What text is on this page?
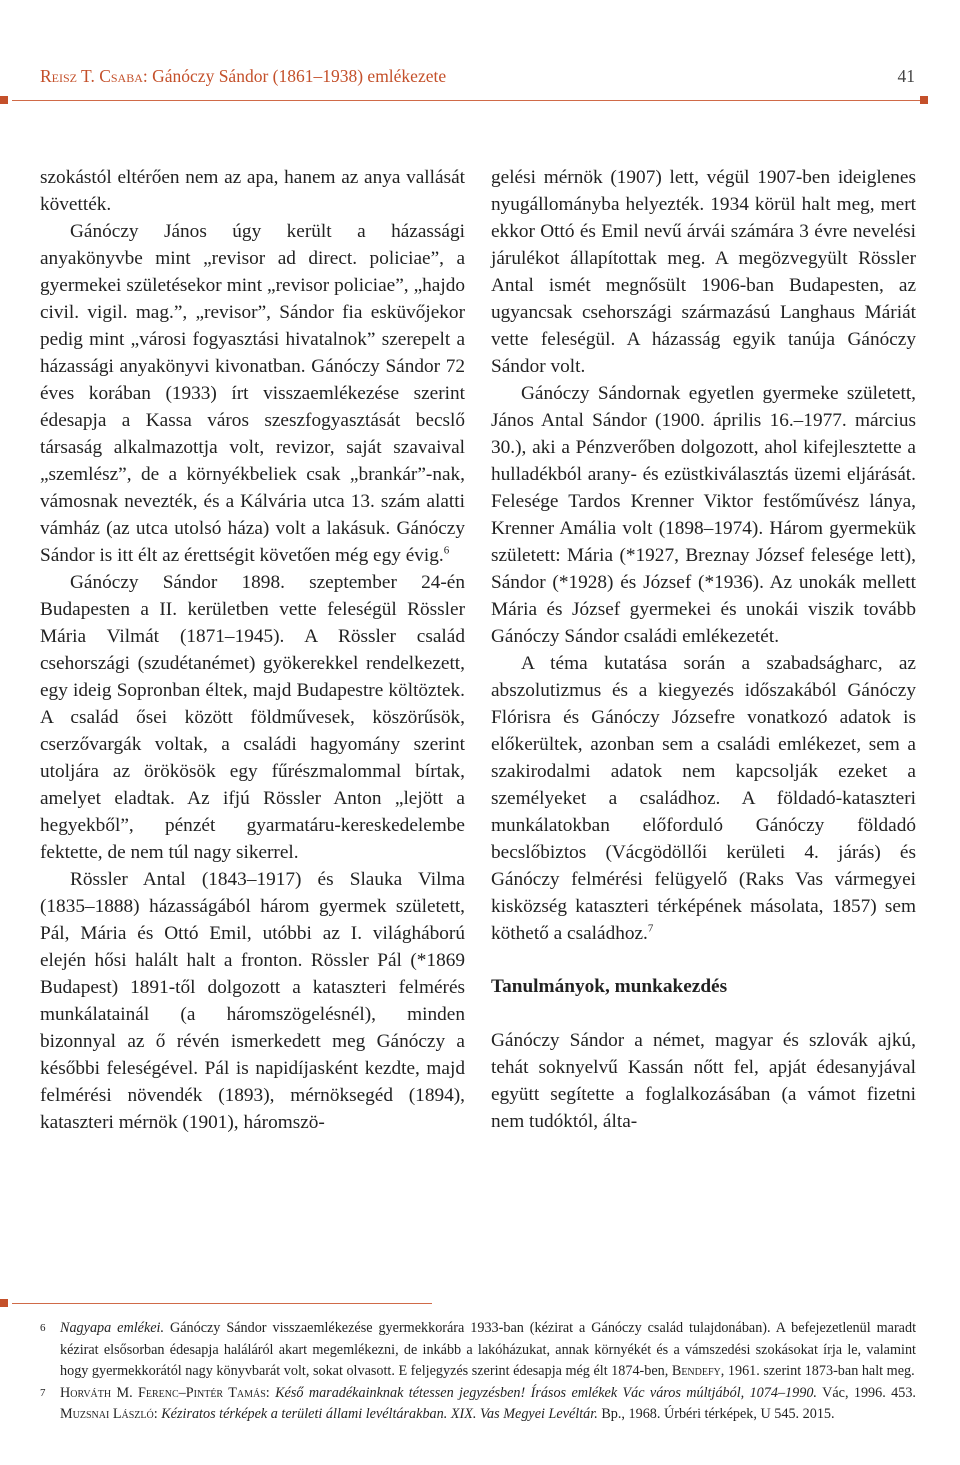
Reisz T. Csaba: Gánóczy Sándor (1861–1938) emlékezete	41

szokástól eltérően nem az apa, hanem az anya vallását követték.

Gánóczy János úgy került a házassági anyakönyvbe mint „revisor ad direct. policiae”, a gyermekei születésekor mint „revisor policiae”, „hajdo civil. vigil. mag.”, „revisor”, Sándor fia esküvőjekor pedig mint „városi fogyasztási hivatalnok” szerepelt a házassági anyakönyvi kivonatban. Gánóczy Sándor 72 éves korában (1933) írt visszaemlékezése szerint édesapja a Kassa város szeszfogyasztását becslő társaság alkalmazottja volt, revizor, saját szavaival „szemlész”, de a környékbeliek csak „brankár”-nak, vámosnak nevezték, és a Kálvária utca 13. szám alatti vámház (az utca utolsó háza) volt a lakásuk. Gánóczy Sándor is itt élt az érettségit követően még egy évig.$^6$

Gánóczy Sándor 1898. szeptember 24-én Budapesten a II. kerületben vette feleségül Rössler Mária Vilmát (1871–1945). A Rössler család csehországi (szudétanémet) gyökerekkel rendelkezett, egy ideig Sopronban éltek, majd Budapestre költöztek. A család ősei között földművesek, köszörűsök, cserzővargák voltak, a családi hagyomány szerint utoljára az örökösök egy fűrészmalommal bírtak, amelyet eladtak. Az ifjú Rössler Anton „lejött a hegyekből”, pénzét gyarmatáru-kereskedelembe fektette, de nem túl nagy sikerrel.

Rössler Antal (1843–1917) és Slauka Vilma (1835–1888) házasságából három gyermek született, Pál, Mária és Ottó Emil, utóbbi az I. világháború elején hősi halált halt a fronton. Rössler Pál (*1869 Budapest) 1891-től dolgozott a kataszteri felmérés munkálatainál (a háromszögelésnél), minden bizonnyal az ő révén ismerkedett meg Gánóczy a későbbi feleségével. Pál is napidíjasként kezdte, majd felmérési növendék (1893), mérnöksegéd (1894), kataszteri mérnök (1901), háromszö-

gelési mérnök (1907) lett, végül 1907-ben ideiglenes nyugállományba helyezték. 1934 körül halt meg, mert ekkor Ottó és Emil nevű árvái számára 3 évre nevelési járulékot állapítottak meg. A megözvegyült Rössler Antal ismét megnősült 1906-ban Budapesten, az ugyancsak csehországi származású Langhaus Máriát vette feleségül. A házasság egyik tanúja Gánóczy Sándor volt.

Gánóczy Sándornak egyetlen gyermeke született, János Antal Sándor (1900. április 16.–1977. március 30.), aki a Pénzverőben dolgozott, ahol kifejlesztette a hulladékból arany- és ezüstkiválasztás üzemi eljárását. Felesége Tardos Krenner Viktor festőművész lánya, Krenner Amália volt (1898–1974). Három gyermekük született: Mária (*1927, Breznay József felesége lett), Sándor (*1928) és József (*1936). Az unokák mellett Mária és József gyermekei és unokái viszik tovább Gánóczy Sándor családi emlékezetét.

A téma kutatása során a szabadságharc, az abszolutizmus és a kiegyezés időszakából Gánóczy Flórisra és Gánóczy Józsefre vonatkozó adatok is előkerültek, azonban sem a családi emlékezet, sem a szakirodalmi adatok nem kapcsolják ezeket a személyeket a családhoz. A földadó-kataszteri munkálatokban előforduló Gánóczy földadó becslőbiztos (Vácgödöllői kerületi 4. járás) és Gánóczy felmérési felügyelő (Raks Vas vármegyei kisközség kataszteri térképének másolata, 1857) sem köthető a családhoz.$^7$

Tanulmányok, munkakezdés

Gánóczy Sándor a német, magyar és szlovák ajkú, tehát soknyelvű Kassán nőtt fel, apját édesanyjával együtt segítette a foglalkozásában (a vámot fizetni nem tudóktól, álta-

6 Nagyapa emlékei. Gánóczy Sándor visszaemlékezése gyermekkorára 1933-ban (kézirat a Gánóczy család tulajdonában). A befejezetlenül maradt kézirat elsősorban édesapja haláláról akart megemlékezni, de inkább a lakóházukat, annak környékét és a vámszedési szokásokat írja le, valamint hogy gyermekkorától nagy könyvbarát volt, sokat olvasott. E feljegyzés szerint édesapja még élt 1874-ben, Bendefy, 1961. szerint 1873-ban halt meg.

7 Horváth M. Ferenc–Pintér Tamás: Késő maradékainknak tétessen jegyzésben! Írásos emlékek Vác város múltjából, 1074–1990. Vác, 1996. 453. Muzsnai László: Kéziratos térképek a területi állami levéltárakban. XIX. Vas Megyei Levéltár. Bp., 1968. Úrbéri térképek, U 545. 2015.
